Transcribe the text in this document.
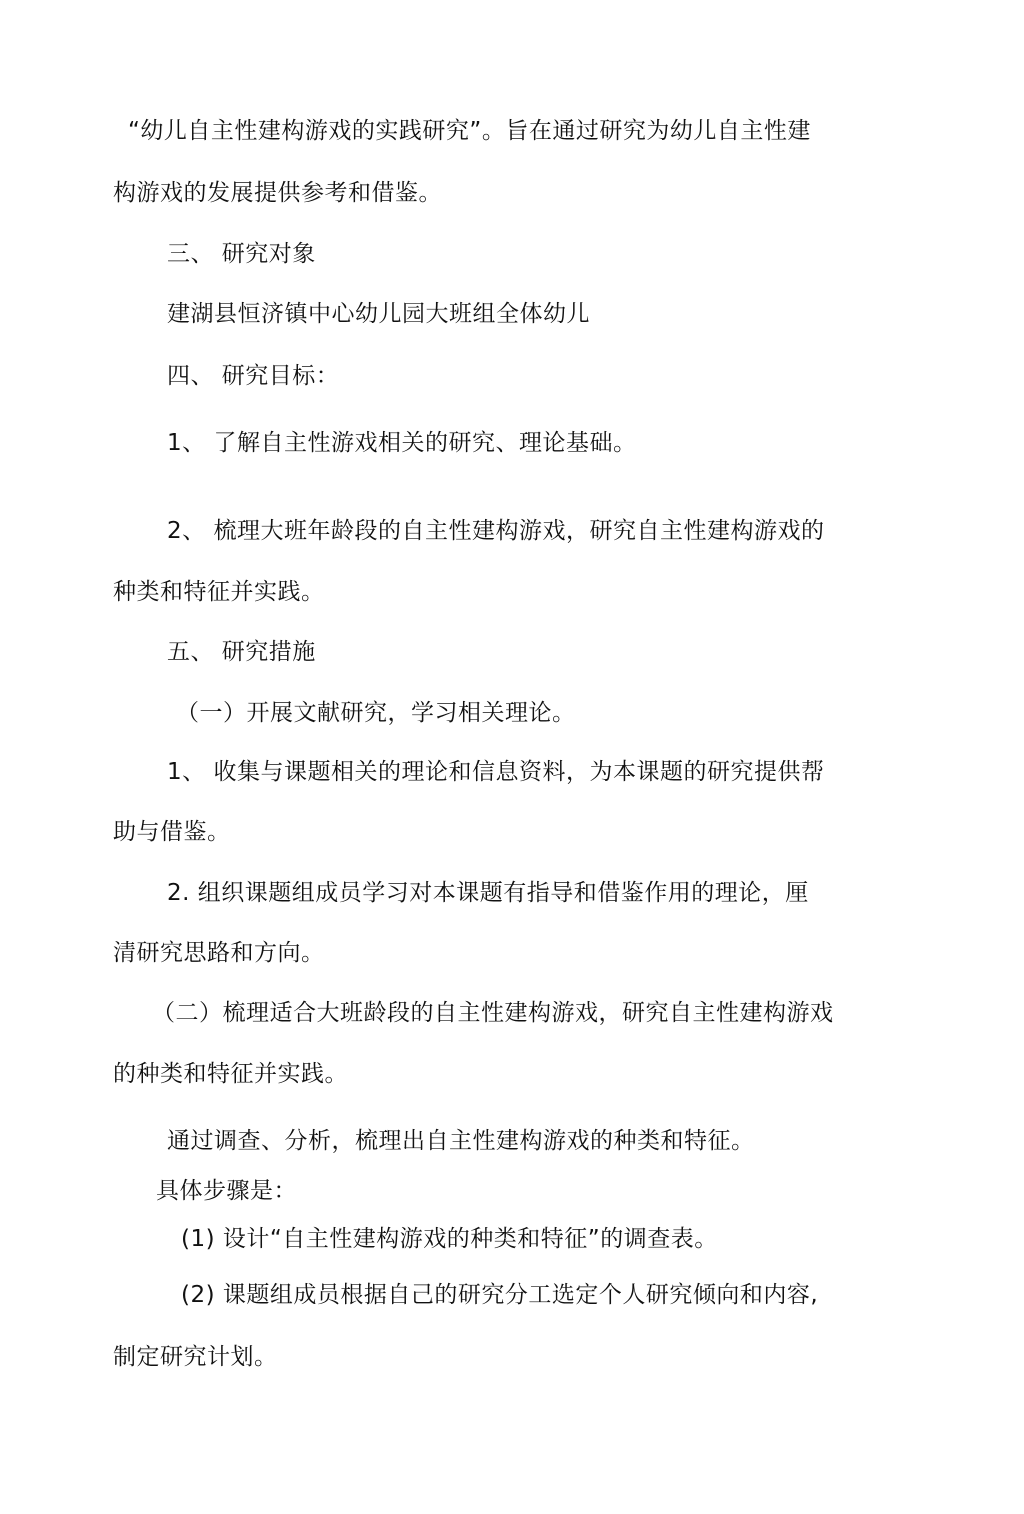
“幼儿自主性建构游戏的实践研究”。旨在通过研究为幼儿自主性建
构游戏的发展提供参考和借鉴。
三、 研究对象
建湖县恒济镇中心幼儿园大班组全体幼儿
四、 研究目标：
1、 了解自主性游戏相关的研究、理论基础。
2、 梳理大班年龄段的自主性建构游戏，研究自主性建构游戏的
种类和特征并实践。
五、 研究措施
（一）开展文献研究，学习相关理论。
1、 收集与课题相关的理论和信息资料，为本课题的研究提供帮
助与借鉴。
2. 组织课题组成员学习对本课题有指导和借鉴作用的理论，厘
清研究思路和方向。
（二）梳理适合大班龄段的自主性建构游戏，研究自主性建构游戏
的种类和特征并实践。
通过调查、分析，梳理出自主性建构游戏的种类和特征。
具体步骤是：
(1) 设计“自主性建构游戏的种类和特征”的调查表。
(2) 课题组成员根据自己的研究分工选定个人研究倾向和内容,
制定研究计划。
